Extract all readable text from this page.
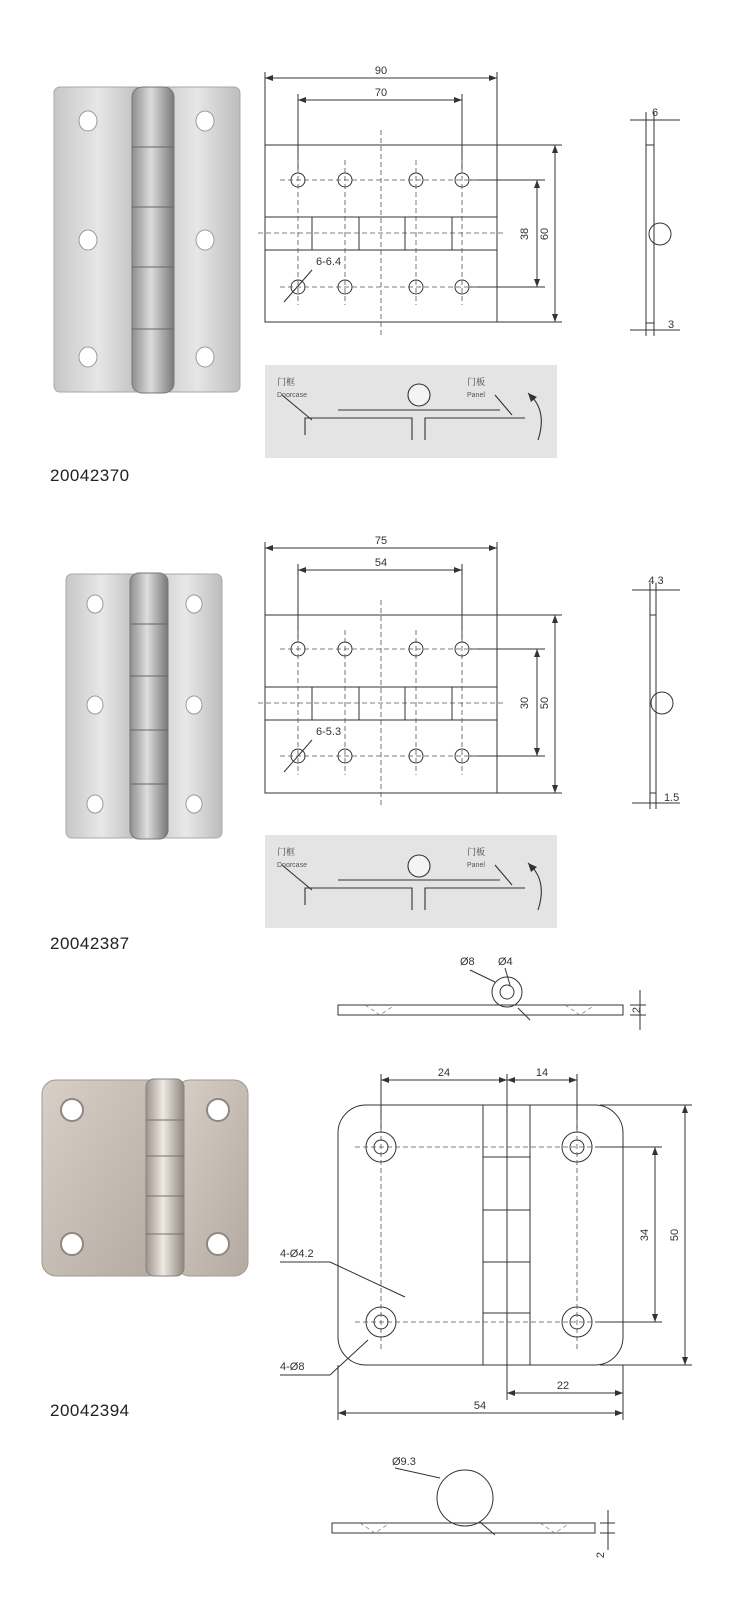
90
70
38 60
6-6.4
6
3
门框
Doorcase
门板
Panel
20042370
75
54
30 50
6-5.3
4.3
1.5
门框
Doorcase
门板
Panel
20042387
Ø8 Ø4
2
24	14
34 50
4-Ø4.2
4-Ø8
22
54
Ø9.3
2
20042394
